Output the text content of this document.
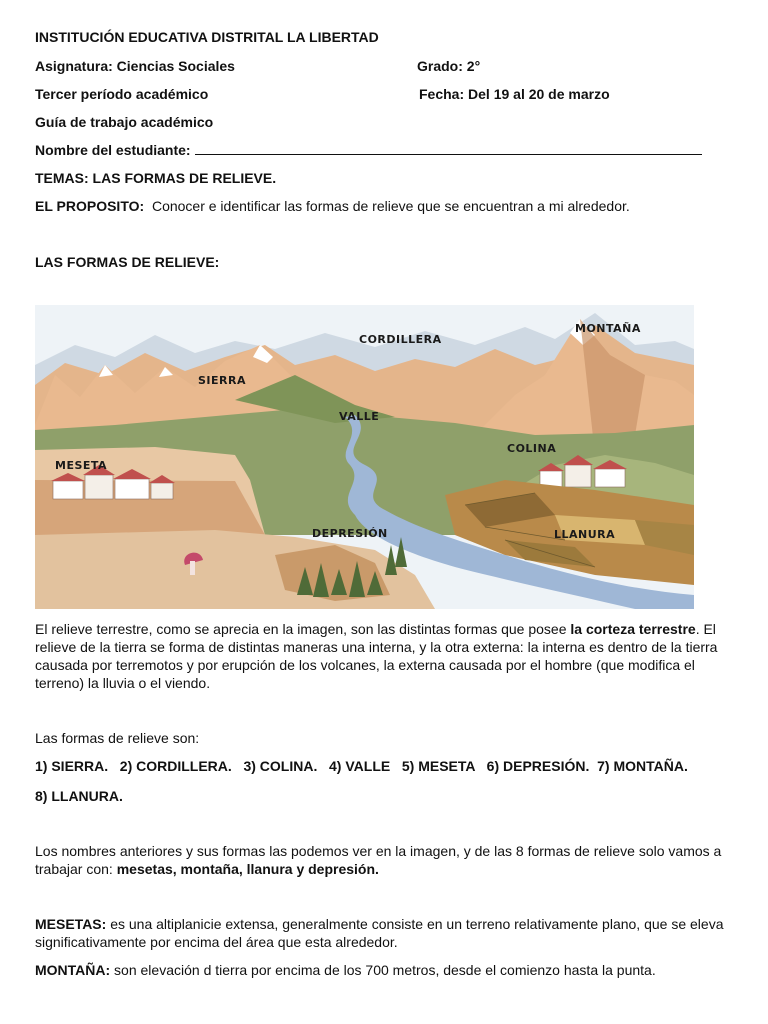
INSTITUCIÓN EDUCATIVA DISTRITAL LA LIBERTAD
Asignatura: Ciencias Sociales	Grado: 2°
Tercer período académico	Fecha: Del 19 al 20 de marzo
Guía de trabajo académico
Nombre del estudiante:
TEMAS: LAS FORMAS DE RELIEVE.
EL PROPOSITO: Conocer e identificar las formas de relieve que se encuentran a mi alrededor.
LAS FORMAS DE RELIEVE:
CORDILLERA
MONTAÑA
SIERRA
VALLE
COLINA
MESETA
DEPRESIÓN	LLANURA
El relieve terrestre, como se aprecia en la imagen, son las distintas formas que posee la corteza terrestre. El relieve de la tierra se forma de distintas maneras una interna, y la otra externa: la interna es dentro de la tierra causada por terremotos y por erupción de los volcanes, la externa causada por el hombre (que modifica el terreno) la lluvia o el viendo.
Las formas de relieve son:
1) SIERRA.   2) CORDILLERA.   3) COLINA.   4) VALLE   5) MESETA   6) DEPRESIÓN.  7) MONTAÑA.
8) LLANURA.
Los nombres anteriores y sus formas las podemos ver en la imagen, y de las 8 formas de relieve solo vamos a trabajar con: mesetas, montaña, llanura y depresión.
MESETAS: es una altiplanicie extensa, generalmente consiste en un terreno relativamente plano, que se eleva significativamente por encima del área que esta alrededor.
MONTAÑA: son elevación d tierra por encima de los 700 metros, desde el comienzo hasta la punta.
